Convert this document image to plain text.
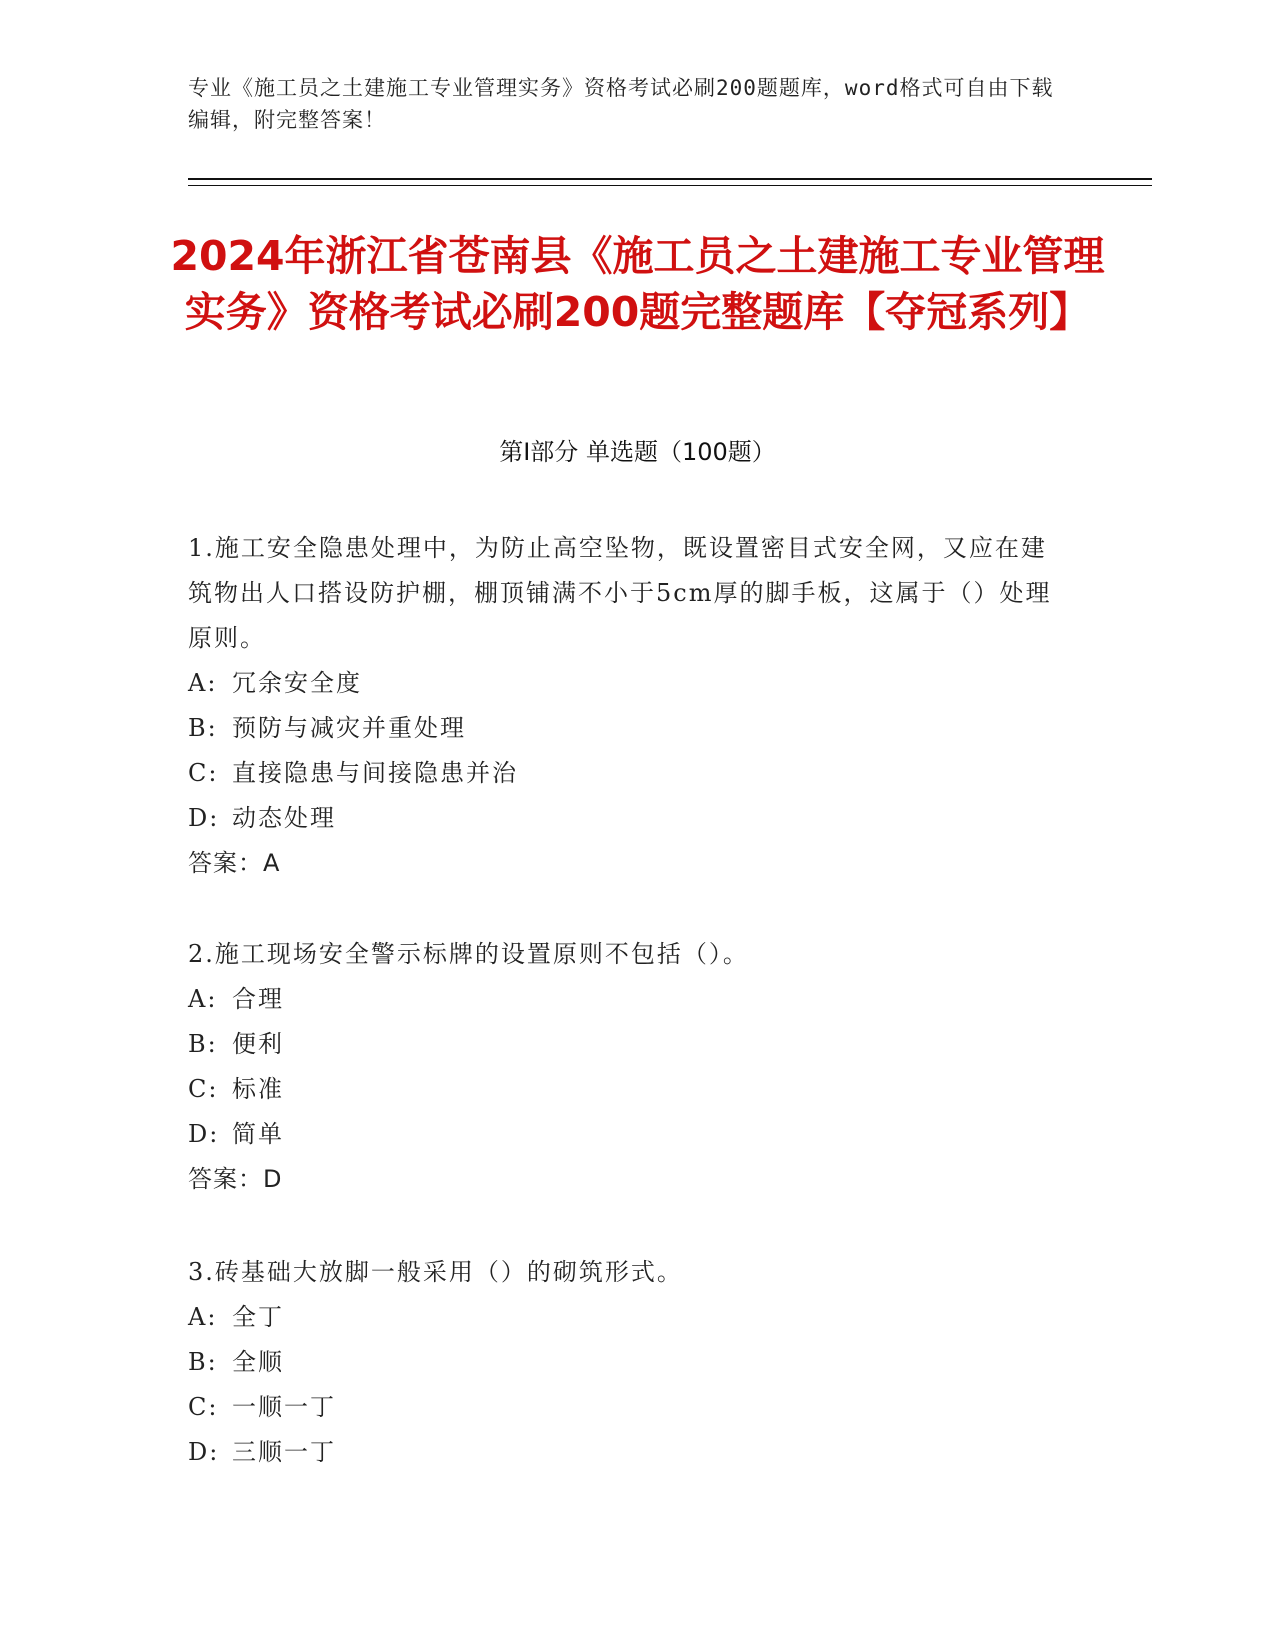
专业《施工员之土建施工专业管理实务》资格考试必刷200题题库，word格式可自由下载编辑，附完整答案！
2024年浙江省苍南县《施工员之土建施工专业管理实务》资格考试必刷200题完整题库【夺冠系列】
第I部分 单选题（100题）
1.施工安全隐患处理中，为防止高空坠物，既设置密目式安全网，又应在建筑物出人口搭设防护棚，棚顶铺满不小于5cm厚的脚手板，这属于（）处理原则。
A: 冗余安全度
B: 预防与减灾并重处理
C: 直接隐患与间接隐患并治
D: 动态处理
答案：A
2.施工现场安全警示标牌的设置原则不包括（）。
A: 合理
B: 便利
C: 标准
D: 简单
答案：D
3.砖基础大放脚一般采用（）的砌筑形式。
A: 全丁
B: 全顺
C: 一顺一丁
D: 三顺一丁
